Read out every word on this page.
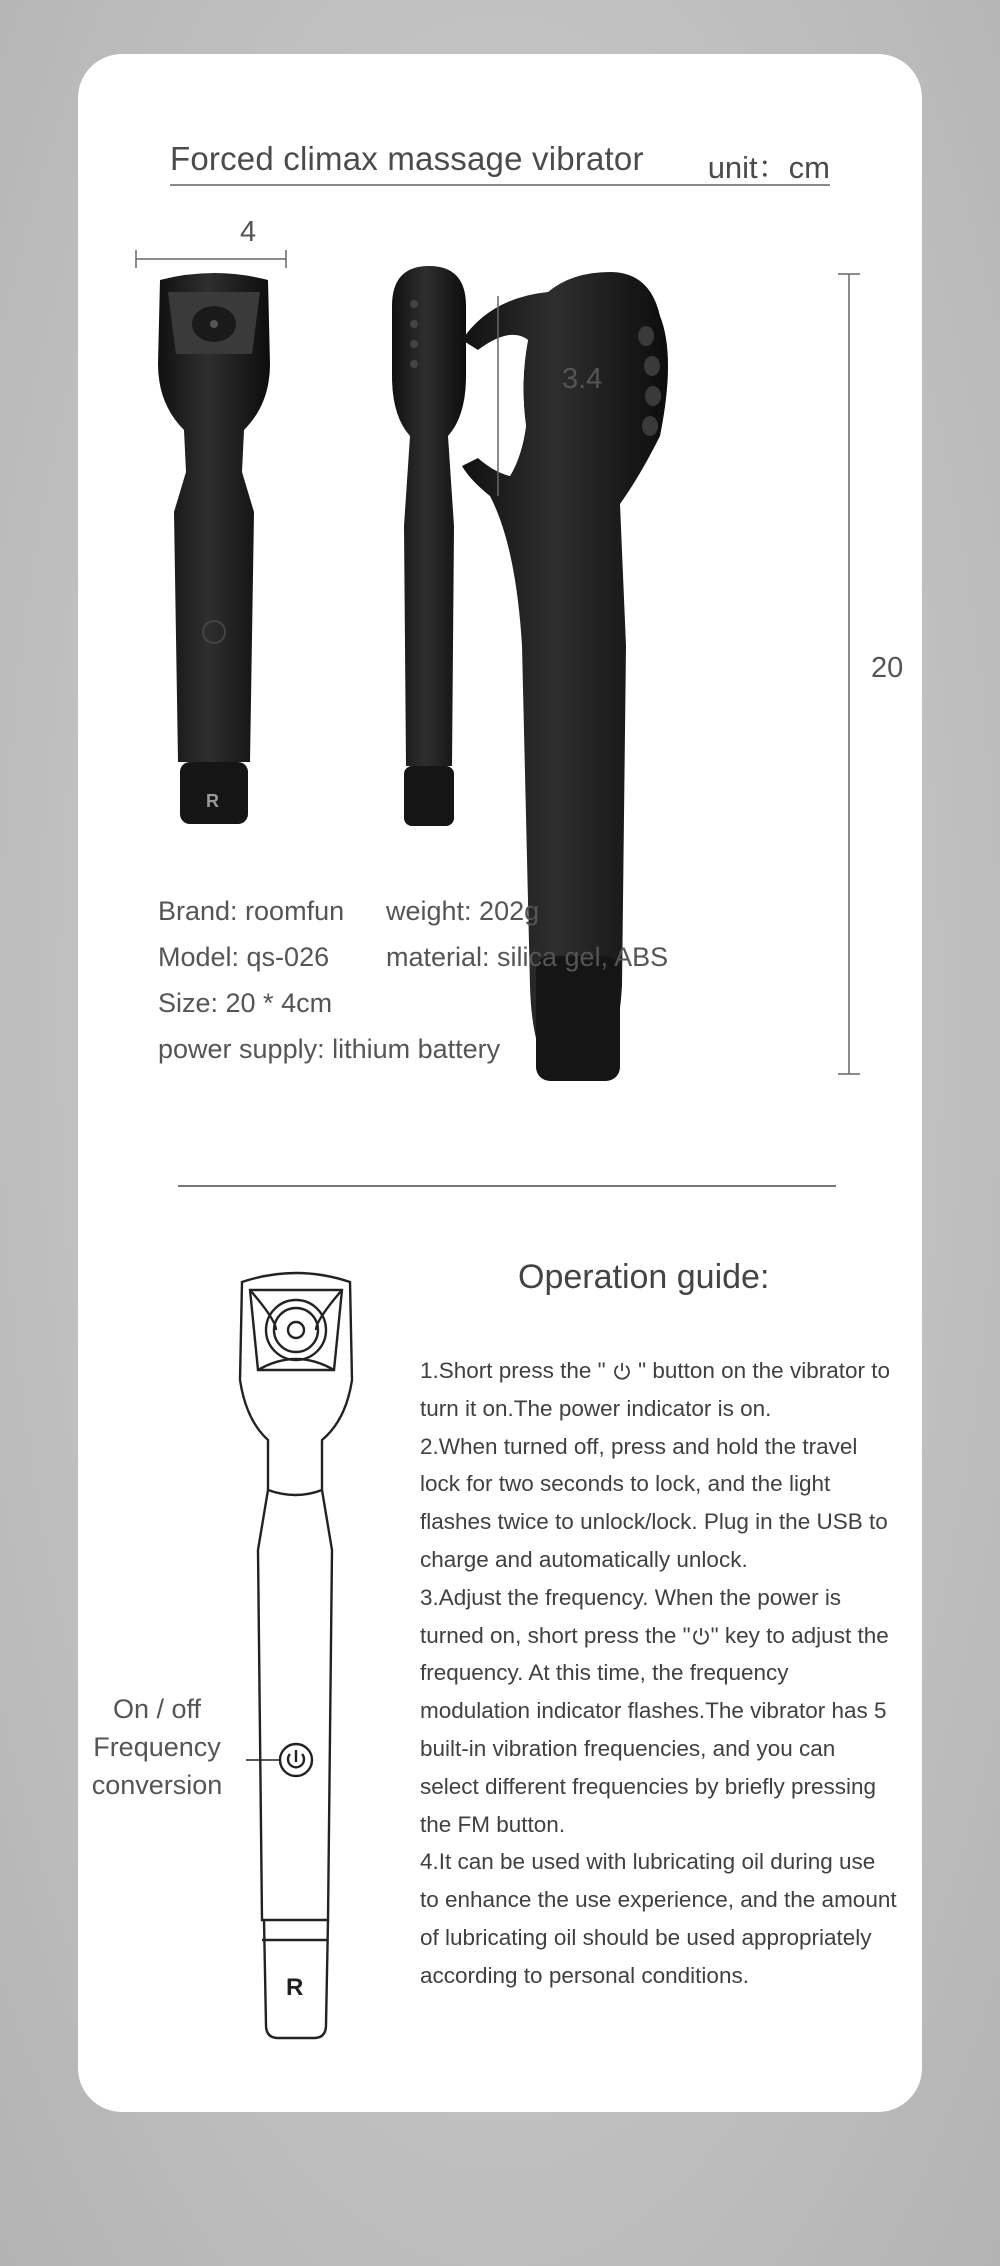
Forced climax massage vibrator unit：cm
4
R
3.4
20
Brand: roomfun weight: 202g
Model: qs-026 material: silica gel, ABS
Size: 20 * 4cm
power supply: lithium battery
R
On / off
Frequency
conversion
Operation guide:

1.Short press the "  " button on the vibrator to turn it on.The power indicator is on.

2.When turned off, press and hold the travel lock for two seconds to lock, and the light flashes twice to unlock/lock. Plug in the USB to charge and automatically unlock.

3.Adjust the frequency. When the power is turned on, short press the " " key to adjust the frequency. At this time, the frequency modulation indicator flashes.The vibrator has 5 built-in vibration frequencies, and you can select different frequencies by briefly pressing the FM button.

4.It can be used with lubricating oil during use to enhance the use experience, and the amount of lubricating oil should be used appropriately according to personal conditions.
